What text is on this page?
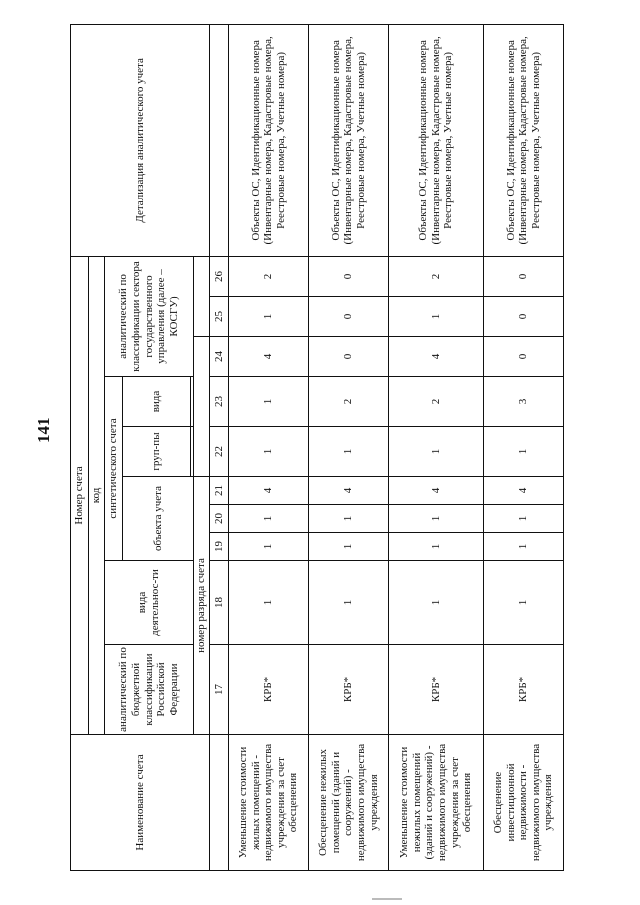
141
Наименование счета	Номер счета										Детализация аналитического учета
	код										
	аналитический по бюджетной классификации Российской Федерации	вида деятельнос-ти	синтетического счета					аналитический по классификации сектора государственного управления (далее – КОСГУ)			
			объекта учета			груп-пы	вида				

	номер разряда счета										
	17	18	19	20	21	22	23	24	25	26	
Уменьшение стоимости жилых помещений - недвижимого имущества учреждения за счет обесценения	КРБ*	1	1	1	4	1	1	4	1	2	Объекты ОС, Идентификационные номера (Инвентарные номера, Кадастровые номера, Реестровые номера, Учетные номера)
Обесценение нежилых помещений (зданий и сооружений) - недвижимого имущества учреждения	КРБ*	1	1	1	4	1	2	0	0	0	Объекты ОС, Идентификационные номера (Инвентарные номера, Кадастровые номера, Реестровые номера, Учетные номера)
Уменьшение стоимости нежилых помещений (зданий и сооружений) - недвижимого имущества учреждения за счет обесценения	КРБ*	1	1	1	4	1	2	4	1	2	Объекты ОС, Идентификационные номера (Инвентарные номера, Кадастровые номера, Реестровые номера, Учетные номера)
Обесценение инвестиционной недвижимости - недвижимого имущества учреждения	КРБ*	1	1	1	4	1	3	0	0	0	Объекты ОС, Идентификационные номера (Инвентарные номера, Кадастровые номера, Реестровые номера, Учетные номера)
